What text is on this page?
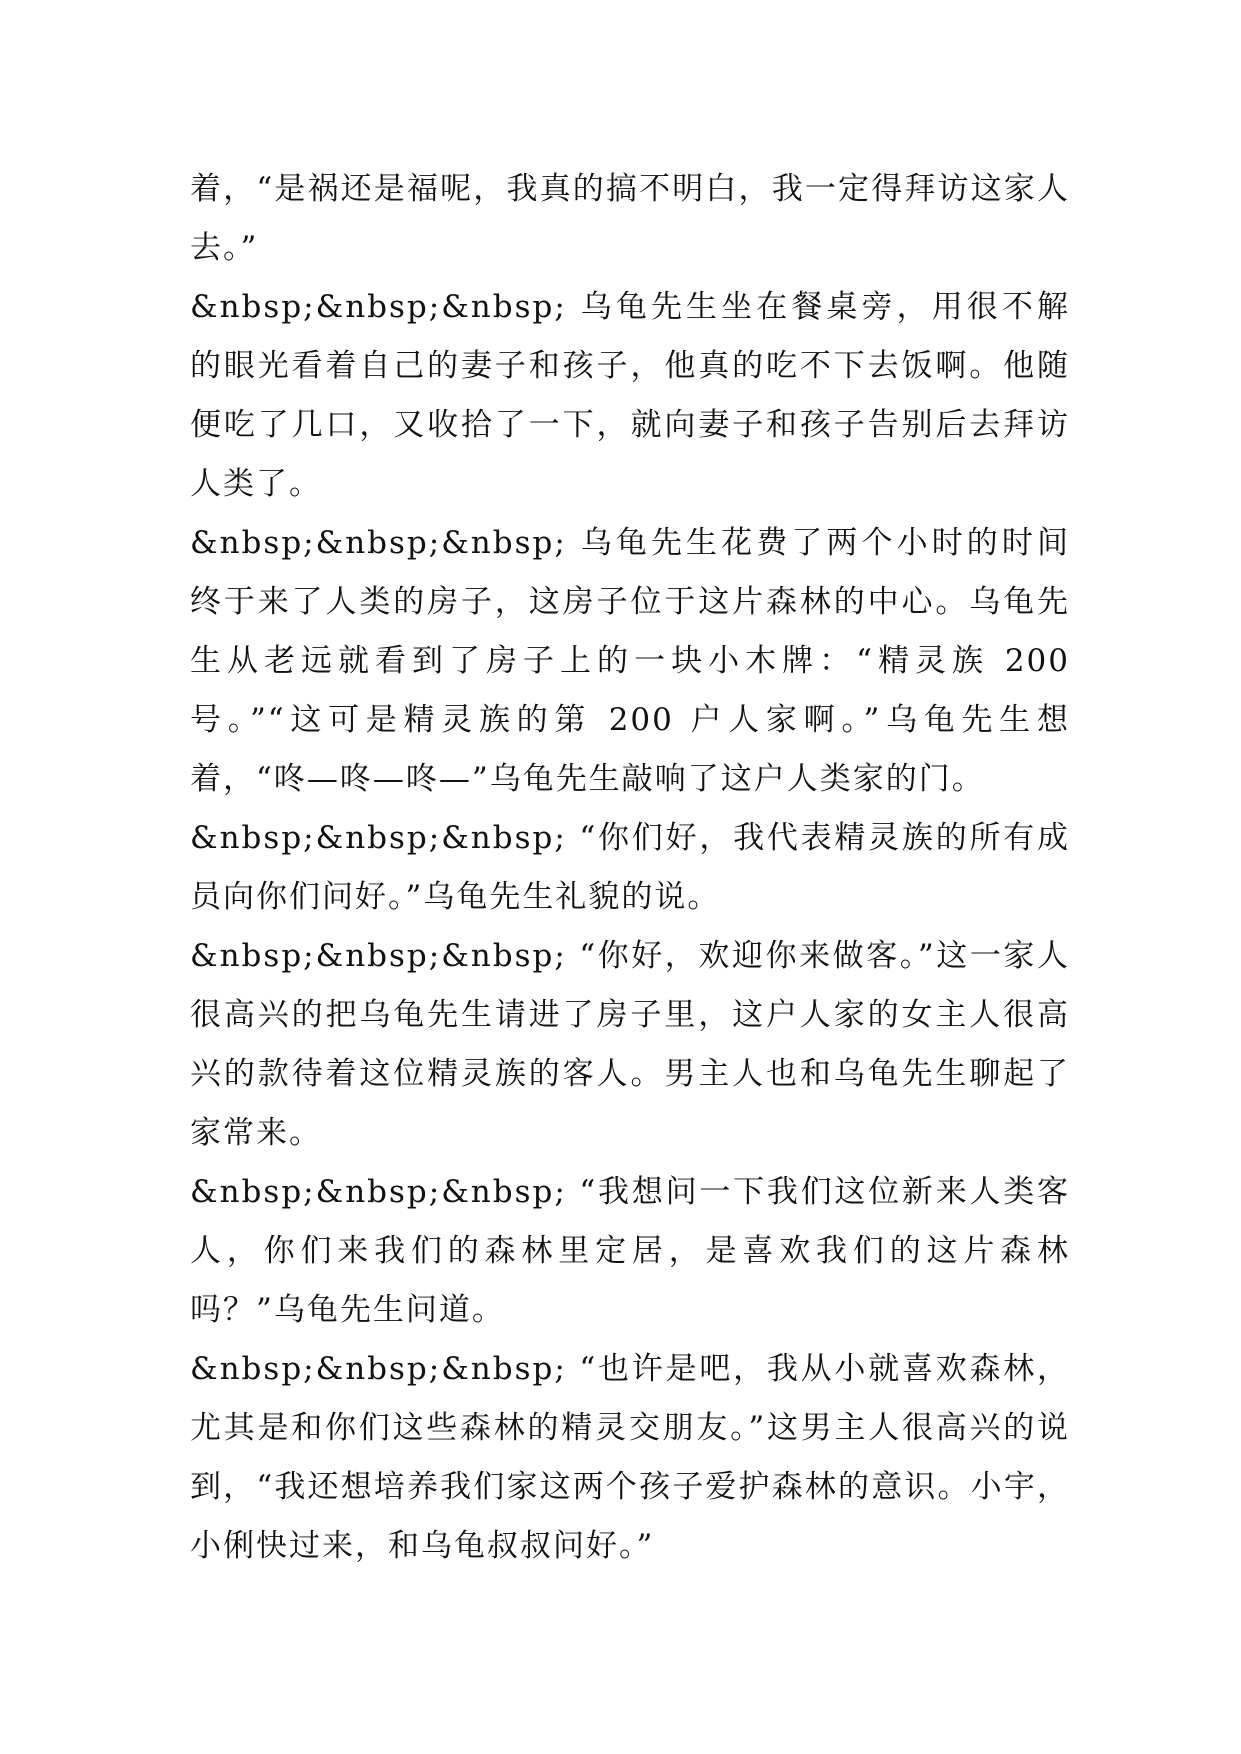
着，“是祸还是福呢，我真的搞不明白，我一定得拜访这家人去。”

&nbsp;&nbsp;&nbsp; 乌龟先生坐在餐桌旁，用很不解的眼光看着自己的妻子和孩子，他真的吃不下去饭啊。他随便吃了几口，又收拾了一下，就向妻子和孩子告别后去拜访人类了。

&nbsp;&nbsp;&nbsp; 乌龟先生花费了两个小时的时间终于来了人类的房子，这房子位于这片森林的中心。乌龟先生从老远就看到了房子上的一块小木牌：“精灵族 200 号。”“这可是精灵族的第 200 户人家啊。”乌龟先生想着，“咚—咚—咚—”乌龟先生敲响了这户人类家的门。

&nbsp;&nbsp;&nbsp; “你们好，我代表精灵族的所有成员向你们问好。”乌龟先生礼貌的说。

&nbsp;&nbsp;&nbsp; “你好，欢迎你来做客。”这一家人很高兴的把乌龟先生请进了房子里，这户人家的女主人很高兴的款待着这位精灵族的客人。男主人也和乌龟先生聊起了家常来。

&nbsp;&nbsp;&nbsp; “我想问一下我们这位新来人类客人，你们来我们的森林里定居，是喜欢我们的这片森林吗？”乌龟先生问道。

&nbsp;&nbsp;&nbsp; “也许是吧，我从小就喜欢森林，尤其是和你们这些森林的精灵交朋友。”这男主人很高兴的说到，“我还想培养我们家这两个孩子爱护森林的意识。小宇，小俐快过来，和乌龟叔叔问好。”
